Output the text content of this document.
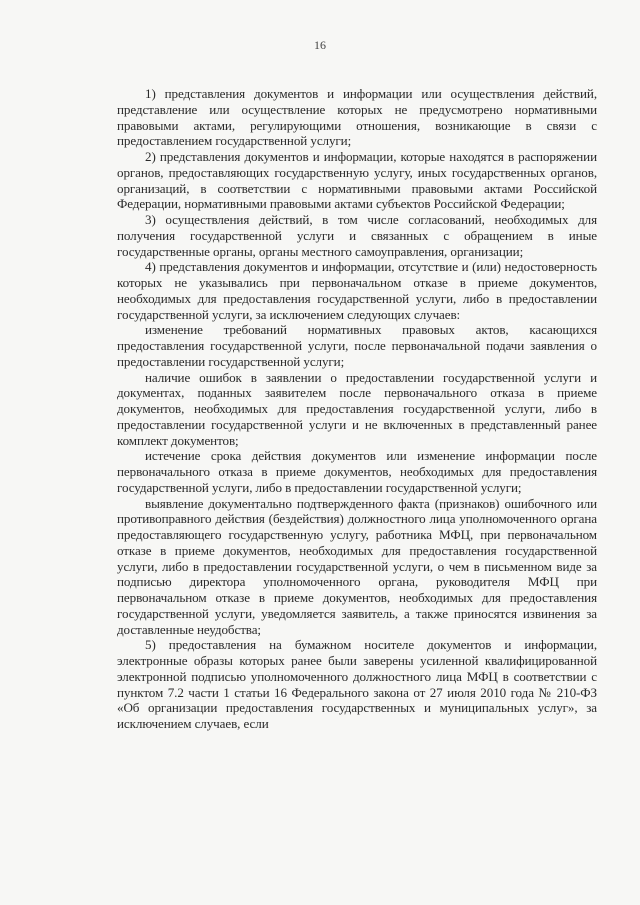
16

1) представления документов и информации или осуществления действий, представление или осуществление которых не предусмотрено нормативными правовыми актами, регулирующими отношения, возникающие в связи с предоставлением государственной услуги;

2) представления документов и информации, которые находятся в распоряжении органов, предоставляющих государственную услугу, иных государственных органов, организаций, в соответствии с нормативными правовыми актами Российской Федерации, нормативными правовыми актами субъектов Российской Федерации;

3) осуществления действий, в том числе согласований, необходимых для получения государственной услуги и связанных с обращением в иные государственные органы, органы местного самоуправления, организации;

4) представления документов и информации, отсутствие и (или) недостоверность которых не указывались при первоначальном отказе в приеме документов, необходимых для предоставления государственной услуги, либо в предоставлении государственной услуги, за исключением следующих случаев:

изменение требований нормативных правовых актов, касающихся предоставления государственной услуги, после первоначальной подачи заявления о предоставлении государственной услуги;

наличие ошибок в заявлении о предоставлении государственной услуги и документах, поданных заявителем после первоначального отказа в приеме документов, необходимых для предоставления государственной услуги, либо в предоставлении государственной услуги и не включенных в представленный ранее комплект документов;

истечение срока действия документов или изменение информации после первоначального отказа в приеме документов, необходимых для предоставления государственной услуги, либо в предоставлении государственной услуги;

выявление документально подтвержденного факта (признаков) ошибочного или противоправного действия (бездействия) должностного лица уполномоченного органа предоставляющего государственную услугу, работника МФЦ, при первоначальном отказе в приеме документов, необходимых для предоставления государственной услуги, либо в предоставлении государственной услуги, о чем в письменном виде за подписью директора уполномоченного органа, руководителя МФЦ при первоначальном отказе в приеме документов, необходимых для предоставления государственной услуги, уведомляется заявитель, а также приносятся извинения за доставленные неудобства;

5) предоставления на бумажном носителе документов и информации, электронные образы которых ранее были заверены усиленной квалифицированной электронной подписью уполномоченного должностного лица МФЦ в соответствии с пунктом 7.2 части 1 статьи 16 Федерального закона от 27 июля 2010 года № 210-ФЗ «Об организации предоставления государственных и муниципальных услуг», за исключением случаев, если
